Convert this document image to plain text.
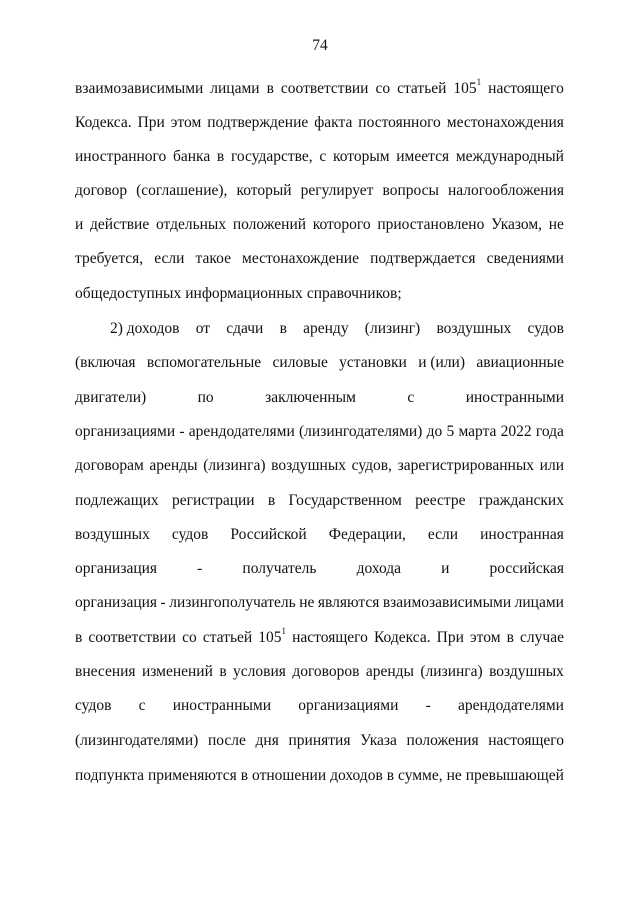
74
взаимозависимыми лицами в соответствии со статьей $105^1$ настоящего
Кодекса. При этом подтверждение факта постоянного местонахождения
иностранного банка в государстве, с которым имеется международный
договор (соглашение), который регулирует вопросы налогообложения
и действие отдельных положений которого приостановлено Указом, не
требуется, если такое местонахождение подтверждается сведениями
общедоступных информационных справочников;
2) доходов от сдачи в аренду (лизинг) воздушных судов
(включая вспомогательные силовые установки и (или) авиационные
двигатели)	по	заключенным	с	иностранными
организациями - арендодателями (лизингодателями) до 5 марта 2022 года
договорам аренды (лизинга) воздушных судов, зарегистрированных или
подлежащих регистрации в Государственном реестре гражданских
воздушных судов Российской Федерации, если иностранная
организация	-	получатель	дохода	и	российская
организация - лизингополучатель не являются взаимозависимыми лицами
в соответствии со статьей $105^1$ настоящего Кодекса. При этом в случае
внесения изменений в условия договоров аренды (лизинга) воздушных
судов с иностранными организациями - арендодателями
(лизингодателями) после дня принятия Указа положения настоящего
подпункта применяются в отношении доходов в сумме, не превышающей
